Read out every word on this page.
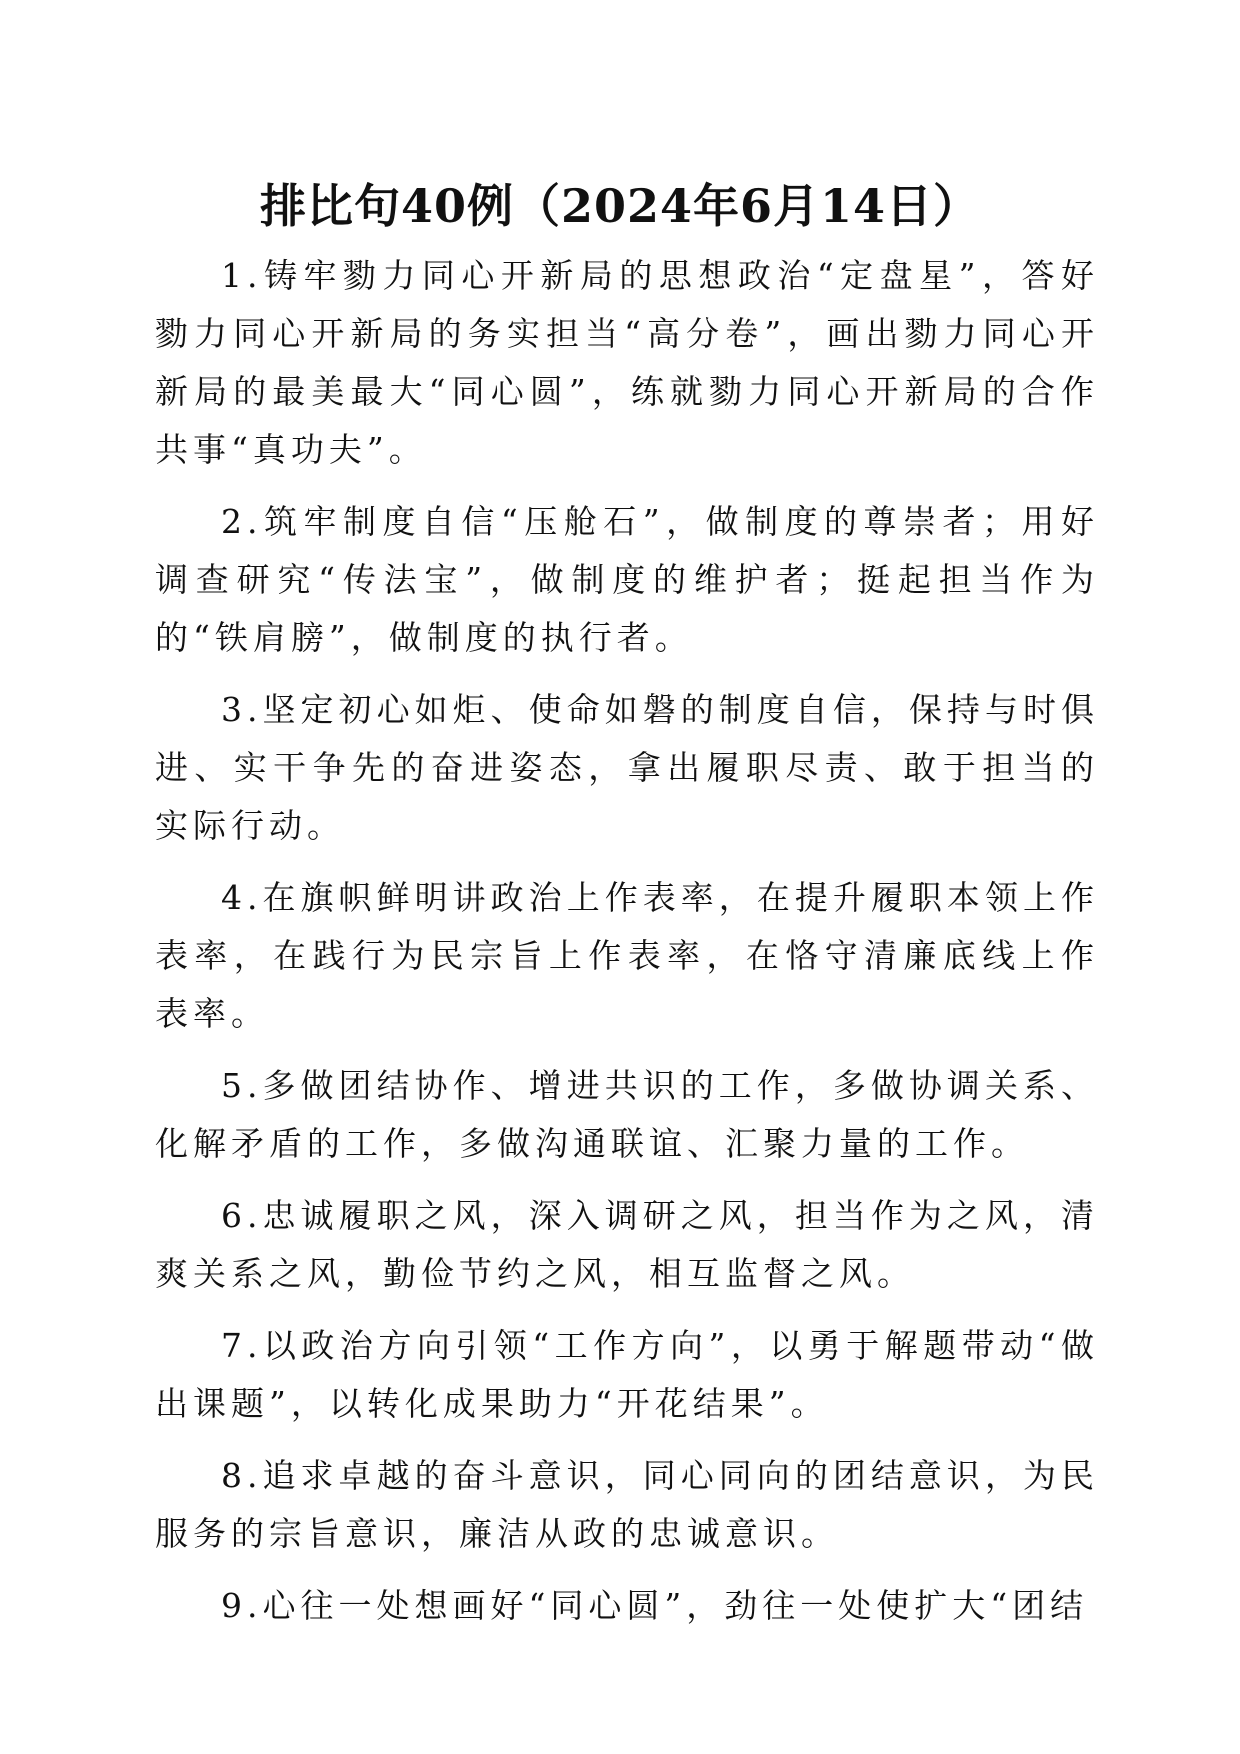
排比句40例（2024年6月14日）

1.铸牢勠力同心开新局的思想政治“定盘星”，答好勠力同心开新局的务实担当“高分卷”，画出勠力同心开新局的最美最大“同心圆”，练就勠力同心开新局的合作共事“真功夫”。

2.筑牢制度自信“压舱石”，做制度的尊崇者；用好调查研究“传法宝”，做制度的维护者；挺起担当作为的“铁肩膀”，做制度的执行者。

3.坚定初心如炬、使命如磐的制度自信，保持与时俱进、实干争先的奋进姿态，拿出履职尽责、敢于担当的实际行动。

4.在旗帜鲜明讲政治上作表率，在提升履职本领上作表率，在践行为民宗旨上作表率，在恪守清廉底线上作表率。

5.多做团结协作、增进共识的工作，多做协调关系、化解矛盾的工作，多做沟通联谊、汇聚力量的工作。

6.忠诚履职之风，深入调研之风，担当作为之风，清爽关系之风，勤俭节约之风，相互监督之风。

7.以政治方向引领“工作方向”，以勇于解题带动“做出课题”，以转化成果助力“开花结果”。

8.追求卓越的奋斗意识，同心同向的团结意识，为民服务的宗旨意识，廉洁从政的忠诚意识。

9.心往一处想画好“同心圆”，劲往一处使扩大“团结
